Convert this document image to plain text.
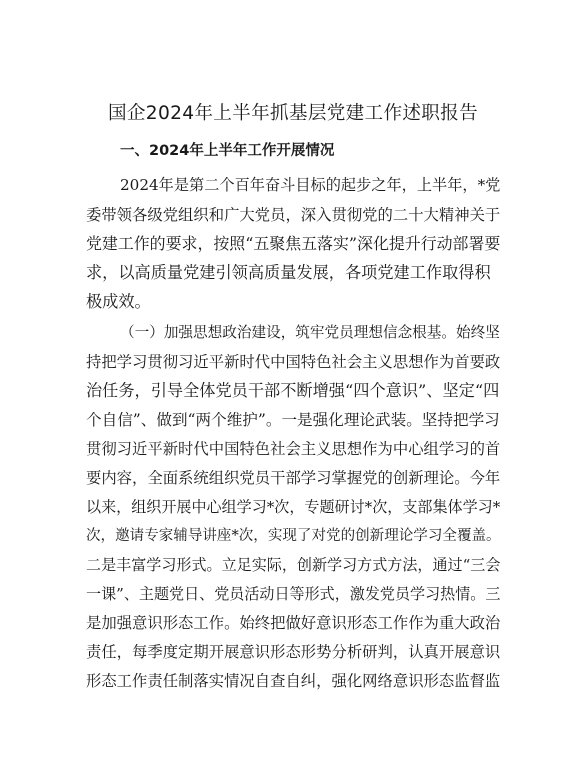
国企2024年上半年抓基层党建工作述职报告
一、2024年上半年工作开展情况

2024年是第二个百年奋斗目标的起步之年，上半年，*党

委带领各级党组织和广大党员，深入贯彻党的二十大精神关于

党建工作的要求，按照“五聚焦五落实”深化提升行动部署要

求，以高质量党建引领高质量发展，各项党建工作取得积

极成效。

（一）加强思想政治建设，筑牢党员理想信念根基。始终坚

持把学习贯彻习近平新时代中国特色社会主义思想作为首要政

治任务，引导全体党员干部不断增强“四个意识”、坚定“四

个自信”、做到“两个维护”。一是强化理论武装。坚持把学习

贯彻习近平新时代中国特色社会主义思想作为中心组学习的首

要内容，全面系统组织党员干部学习掌握党的创新理论。今年

以来，组织开展中心组学习*次，专题研讨*次，支部集体学习*

次，邀请专家辅导讲座*次，实现了对党的创新理论学习全覆盖。

二是丰富学习形式。立足实际，创新学习方式方法，通过“三会

一课”、主题党日、党员活动日等形式，激发党员学习热情。三

是加强意识形态工作。始终把做好意识形态工作作为重大政治

责任，每季度定期开展意识形态形势分析研判，认真开展意识

形态工作责任制落实情况自查自纠，强化网络意识形态监督监
